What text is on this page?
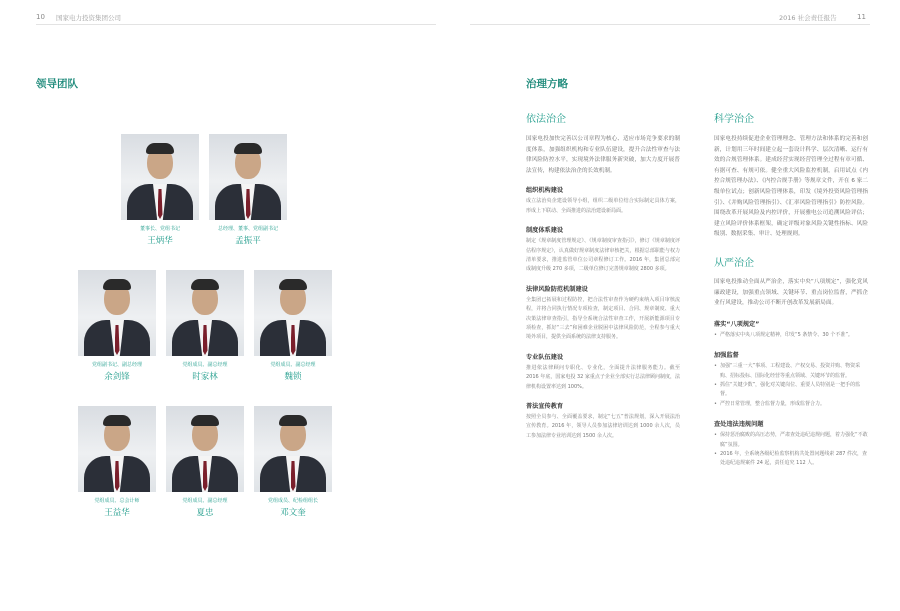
10 国家电力投资集团公司	2016 社会责任报告	11
领导团队
董事长、党组书记
王炳华
总经理、董事、党组副书记
孟振平
党组副书记、副总经理
余剑锋
党组成员、副总经理
时家林
党组成员、副总经理
魏锁
党组成员、总会计师
王益华
党组成员、副总经理
夏忠
党组成员、纪检组组长
邓文奎
治理方略
依法治企
国家电投加快完善以公司章程为核心、适应市场竞争要求的制度体系，加强组织机构和专业队伍建设，提升合法性审查与法律风险防控水平，实现境外法律服务新突破，加大力度开展普法宣传，构建依法治企的长效机制。
组织机构建设
成立法治央企建设领导小组，组织二级单位结合实际制定具体方案，形成上下联动、全面推进的法治建设新局面。
制度体系建设
制定《规章制度管理规定》、《规章制度审查指引》，修订《规章制度评估程序规定》，认真做好规章制度法律审核把关，根据总部职能与权力清单要求，推进监管单位公司章程修订工作。2016 年，集团总部完成制度升级 270 多项，二级单位修订完善规章制度 2800 多项。
法律风险防范机制建设
全集团已拓展和过程防控，把合法性审查作为硬约束纳入项目审核流程，并将合同执行情况专项检查，制定项目、合同、规章制度、重大决策法律审查指引，指导全系统合法性审查工作，开展新能源项目专项检查，抓好“三去”和困难企业脱困中法律风险防范，全程参与重大境外项目，提供全面系统的法律支持服务。
专业队伍建设
推进依法律顾问专职化、专业化，全面提升法律服务能力。截至 2016 年底，国家电投 32 家重点子企业全部实行总法律顾问制度，法律机构设置率达到 100%。
普法宣传教育
按照全员参与、全面覆盖要求，制定“七五”普法规划，深入开展法治宣传教育。2016 年，领导人员参加法律培训达到 1000 余人次，员工参加法律专业培训达到 1500 余人次。
科学治企
国家电投持续促进企业管理理念、管理方法和体系的完善和创新，计划用三年时间建立起一套设计科学、层次清晰、运行有效的合规管理体系。建成经营实现经营管理全过程有章可循、有据可查、有规可依。健全重大风险监控机制，启用试点《内控合规管理办法》、《内控合规手册》等规章文件，开在 6 家二级单位试点；创新风险管理体系，印发《境外投资风险管理指引》、《并购风险管理指引》、《汇率风险管理指引》防控风险。围绕改革开展风险及内控评价，开展雅电公司追溯风险评估；建立风险评价体系框架，确定评级对象风险关键性指标、风险级别、数据采集、审计、处理规则。
从严治企
国家电投推动全面从严治企，落实中央“八项规定”，强化党风廉政建设，加强重点领域、关键环节、重点岗位监督，严抓企业行风建设，推动公司不断开创改革发展新局面。
落实“八项规定”
• 严格落实中央八项规定精神，印发“5 条禁令、30 个不准”。
加强监督
• 加强“三重一大”事项、工程建设、产权交易、投资并购、物资采购、招标投标、国际化经营等重点领域、关键环节的监督。
• 抓住“关键少数”，强化对关键岗位、重要人员特别是一把手的监督。
• 严控日常管理，整合监督力量，形成监督合力。
查处违法违规问题
• 保持惩治腐败的高压态势，严肃查处违纪违规问题，着力强化“不敢腐”氛围。
• 2016 年，全系统各级纪检监察机构共处置问题线索 287 件次，查处违纪违规案件 24 起，责任追究 112 人。
